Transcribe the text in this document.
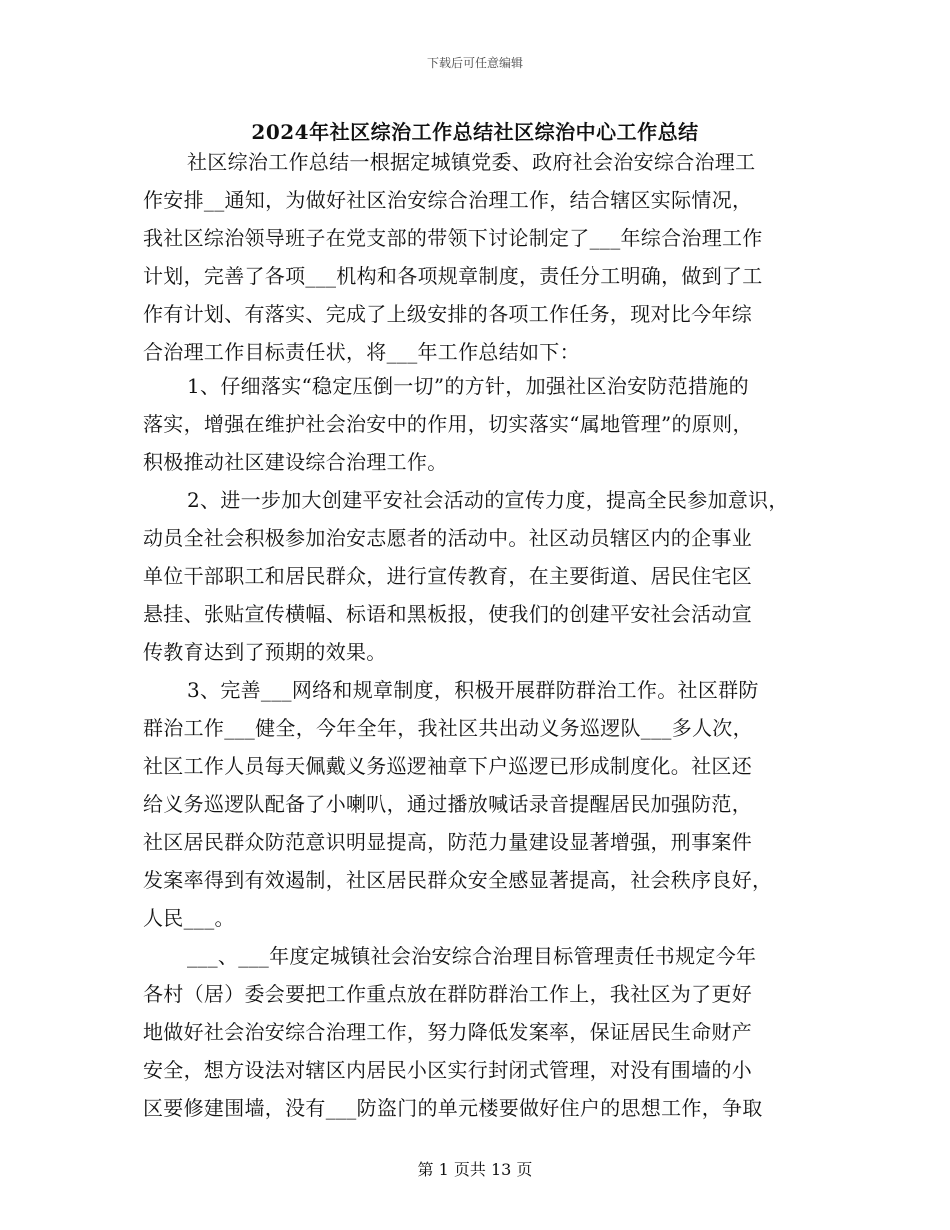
下载后可任意编辑
2024年社区综治工作总结社区综治中心工作总结
社区综治工作总结一根据定城镇党委、政府社会治安综合治理工
作安排__通知，为做好社区治安综合治理工作，结合辖区实际情况，
我社区综治领导班子在党支部的带领下讨论制定了___年综合治理工作
计划，完善了各项___机构和各项规章制度，责任分工明确，做到了工
作有计划、有落实、完成了上级安排的各项工作任务，现对比今年综
合治理工作目标责任状，将___年工作总结如下：
1、仔细落实“稳定压倒一切”的方针，加强社区治安防范措施的
落实，增强在维护社会治安中的作用，切实落实“属地管理”的原则，
积极推动社区建设综合治理工作。
2、进一步加大创建平安社会活动的宣传力度，提高全民参加意识，
动员全社会积极参加治安志愿者的活动中。社区动员辖区内的企事业
单位干部职工和居民群众，进行宣传教育，在主要街道、居民住宅区
悬挂、张贴宣传横幅、标语和黑板报，使我们的创建平安社会活动宣
传教育达到了预期的效果。
3、完善___网络和规章制度，积极开展群防群治工作。社区群防
群治工作___健全，今年全年，我社区共出动义务巡逻队___多人次，
社区工作人员每天佩戴义务巡逻袖章下户巡逻已形成制度化。社区还
给义务巡逻队配备了小喇叭，通过播放喊话录音提醒居民加强防范，
社区居民群众防范意识明显提高，防范力量建设显著增强，刑事案件
发案率得到有效遏制，社区居民群众安全感显著提高，社会秩序良好，
人民___。
___、___年度定城镇社会治安综合治理目标管理责任书规定今年
各村（居）委会要把工作重点放在群防群治工作上，我社区为了更好
地做好社会治安综合治理工作，努力降低发案率，保证居民生命财产
安全，想方设法对辖区内居民小区实行封闭式管理，对没有围墙的小
区要修建围墙，没有___防盗门的单元楼要做好住户的思想工作，争取
第 1 页共 13 页
